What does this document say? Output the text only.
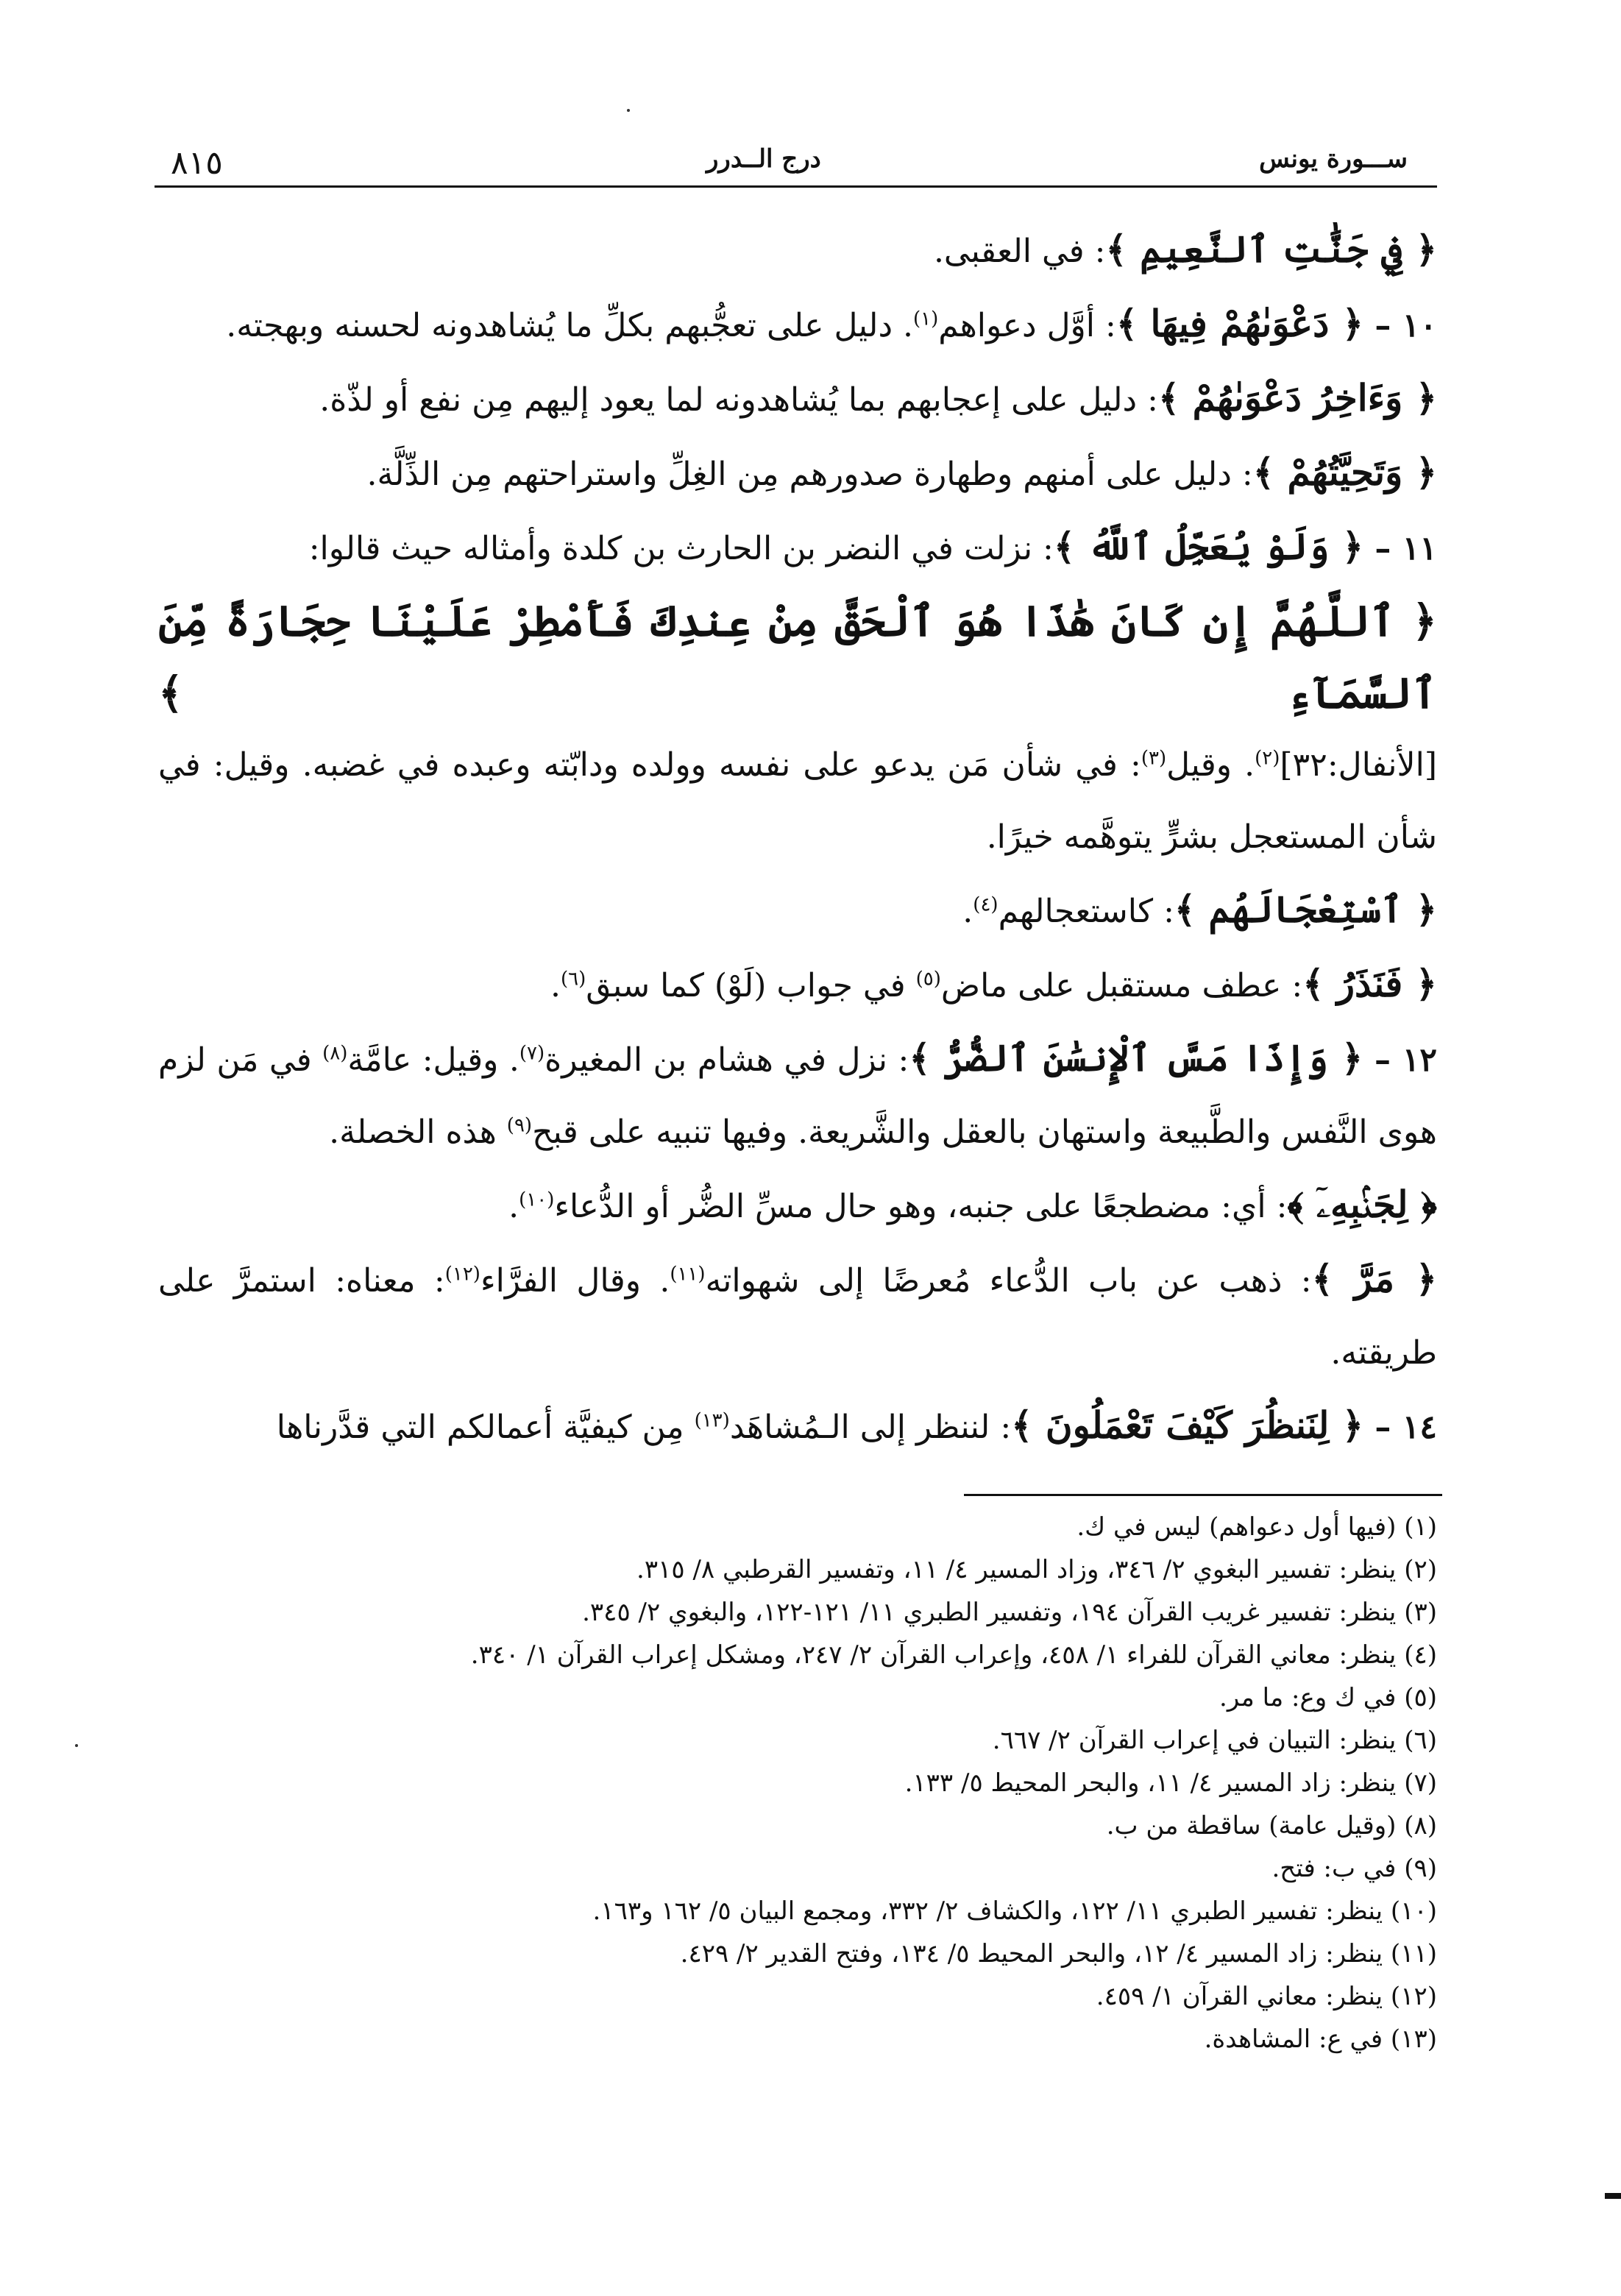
ســـورة يونس
درج الــدرر
٨١٥

﴿ فِي جَنَّٰتِ ٱلنَّعِيمِ ﴾: في العقبى.

١٠ – ﴿ دَعْوَىٰهُمْ فِيهَا ﴾: أوَّل دعواهم$^{(١)}$. دليل على تعجُّبهم بكلِّ ما يُشاهدونه لحسنه وبهجته.

﴿ وَءَاخِرُ دَعْوَىٰهُمْ ﴾: دليل على إعجابهم بما يُشاهدونه لما يعود إليهم مِن نفع أو لذّة.

﴿ وَتَحِيَّتُهُمْ ﴾: دليل على أمنهم وطهارة صدورهم مِن الغِلِّ واستراحتهم مِن الذِّلَّة.

١١ – ﴿ وَلَوْ يُعَجِّلُ ٱللَّهُ ﴾: نزلت في النضر بن الحارث بن كلدة وأمثاله حيث قالوا:

﴿ ٱللَّهُمَّ إِن كَانَ هَٰذَا هُوَ ٱلْحَقَّ مِنْ عِندِكَ فَأَمْطِرْ عَلَيْنَا حِجَارَةً مِّنَ ٱلسَّمَآءِ ﴾

[الأنفال:٣٢]$^{(٢)}$. وقيل$^{(٣)}$: في شأن مَن يدعو على نفسه وولده ودابّته وعبده في غضبه. وقيل: في شأن المستعجل بشرٍّ يتوهَّمه خيرًا.

﴿ ٱسْتِعْجَالَهُم ﴾: كاستعجالهم$^{(٤)}$.

﴿ فَنَذَرُ ﴾: عطف مستقبل على ماض$^{(٥)}$ في جواب (لَوْ) كما سبق$^{(٦)}$.

١٢ – ﴿ وَإِذَا مَسَّ ٱلْإِنسَٰنَ ٱلضُّرُّ ﴾: نزل في هشام بن المغيرة$^{(٧)}$. وقيل: عامَّة$^{(٨)}$ في مَن لزم هوى النَّفس والطَّبيعة واستهان بالعقل والشَّريعة. وفيها تنبيه على قبح$^{(٩)}$ هذه الخصلة.

﴿ لِجَنۢبِهِۦٓ ﴾: أي: مضطجعًا على جنبه، وهو حال مسِّ الضُّر أو الدُّعاء$^{(١٠)}$.

﴿ مَرَّ ﴾: ذهب عن باب الدُّعاء مُعرضًا إلى شهواته$^{(١١)}$. وقال الفرَّاء$^{(١٢)}$: معناه: استمرَّ على طريقته.

١٤ – ﴿ لِنَنظُرَ كَيْفَ تَعْمَلُونَ ﴾: لننظر إلى الـمُشاهَد$^{(١٣)}$ مِن كيفيَّة أعمالكم التي قدَّرناها

(١) (فيها أول دعواهم) ليس في ك.
(٢) ينظر: تفسير البغوي ٢/ ٣٤٦، وزاد المسير ٤/ ١١، وتفسير القرطبي ٨/ ٣١٥.
(٣) ينظر: تفسير غريب القرآن ١٩٤، وتفسير الطبري ١١/ ١٢١-١٢٢، والبغوي ٢/ ٣٤٥.
(٤) ينظر: معاني القرآن للفراء ١/ ٤٥٨، وإعراب القرآن ٢/ ٢٤٧، ومشكل إعراب القرآن ١/ ٣٤٠.
(٥) في ك وع: ما مر.
(٦) ينظر: التبيان في إعراب القرآن ٢/ ٦٦٧.
(٧) ينظر: زاد المسير ٤/ ١١، والبحر المحيط ٥/ ١٣٣.
(٨) (وقيل عامة) ساقطة من ب.
(٩) في ب: فتح.
(١٠) ينظر: تفسير الطبري ١١/ ١٢٢، والكشاف ٢/ ٣٣٢، ومجمع البيان ٥/ ١٦٢ و١٦٣.
(١١) ينظر: زاد المسير ٤/ ١٢، والبحر المحيط ٥/ ١٣٤، وفتح القدير ٢/ ٤٢٩.
(١٢) ينظر: معاني القرآن ١/ ٤٥٩.
(١٣) في ع: المشاهدة.
